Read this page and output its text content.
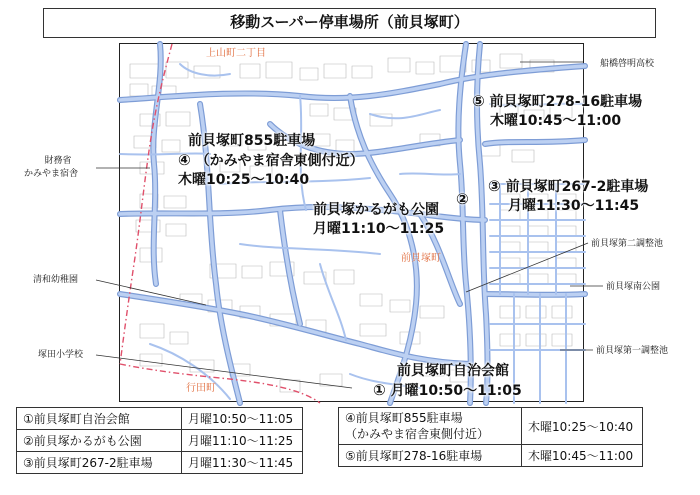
移動スーパー停車場所（前貝塚町）
上山町二丁目
前貝塚町
行田町
⑤ 前貝塚町278-16駐車場
木曜10:45～11:00
前貝塚町855駐車場
④ （かみやま宿舎東側付近）
木曜10:25～10:40	③ 前貝塚町267-2駐車場
月曜11:30～11:45
②
前貝塚かるがも公園
月曜11:10～11:25
前貝塚町自治会館
① 月曜10:50～11:05
船橋啓明高校
財務省
かみやま宿舎
清和幼稚園
塚田小学校
前貝塚第二調整池
前貝塚南公園
前貝塚第一調整池
①前貝塚町自治会館	月曜10:50～11:05
②前貝塚かるがも公園	月曜11:10～11:25
③前貝塚町267-2駐車場	月曜11:30～11:45
④前貝塚町855駐車場
（かみやま宿舎東側付近）	木曜10:25～10:40
⑤前貝塚町278-16駐車場	木曜10:45～11:00
